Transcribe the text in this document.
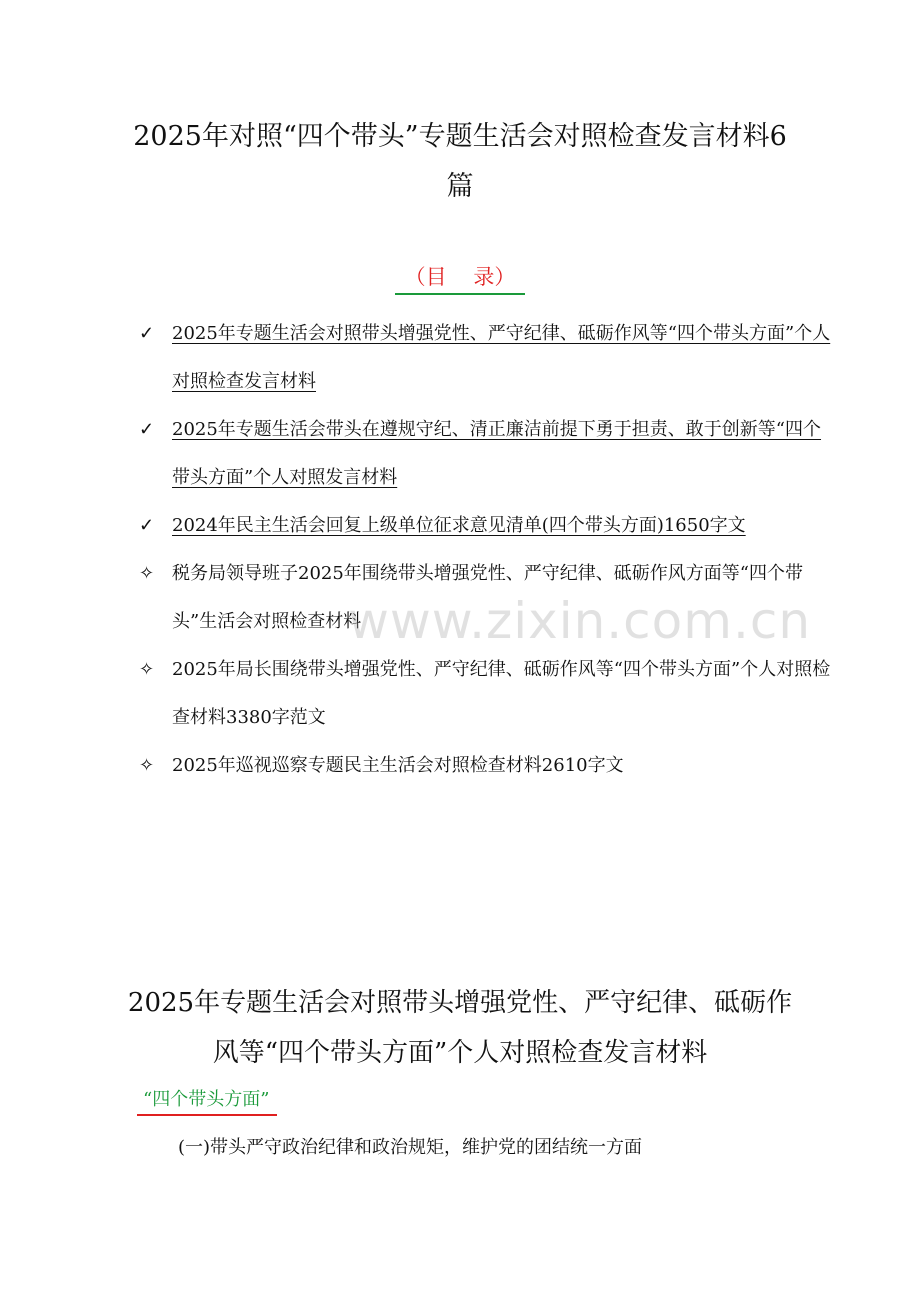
2025年对照“四个带头”专题生活会对照检查发言材料6篇
（目    录）
✓ 2025年专题生活会对照带头增强党性、严守纪律、砥砺作风等“四个带头方面”个人对照检查发言材料
✓ 2025年专题生活会带头在遵规守纪、清正廉洁前提下勇于担责、敢于创新等“四个带头方面”个人对照发言材料
✓ 2024年民主生活会回复上级单位征求意见清单(四个带头方面)1650字文
✧ 税务局领导班子2025年围绕带头增强党性、严守纪律、砥砺作风方面等“四个带头”生活会对照检查材料
✧ 2025年局长围绕带头增强党性、严守纪律、砥砺作风等“四个带头方面”个人对照检查材料3380字范文
✧ 2025年巡视巡察专题民主生活会对照检查材料2610字文
www.zixin.com.cn
2025年专题生活会对照带头增强党性、严守纪律、砥砺作风等“四个带头方面”个人对照检查发言材料
“四个带头方面”
(一)带头严守政治纪律和政治规矩，维护党的团结统一方面
